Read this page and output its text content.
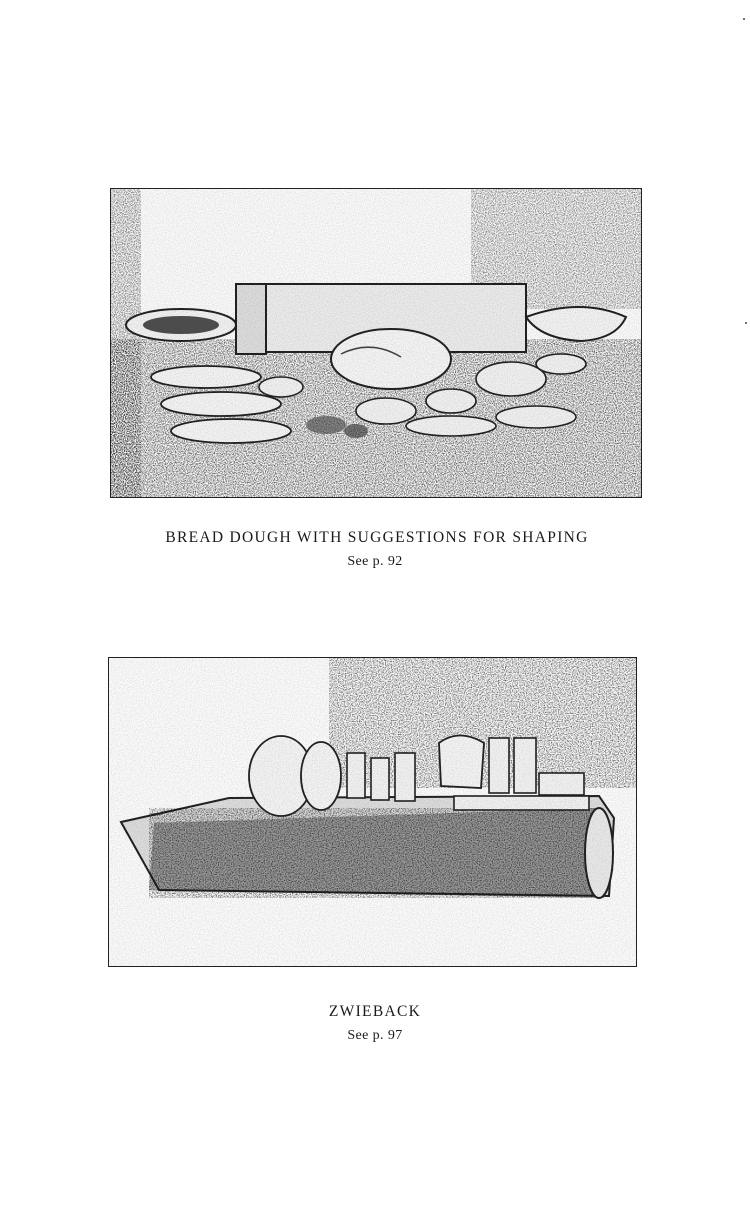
BREAD DOUGH WITH SUGGESTIONS FOR SHAPING
See p. 92
ZWIEBACK
See p. 97
